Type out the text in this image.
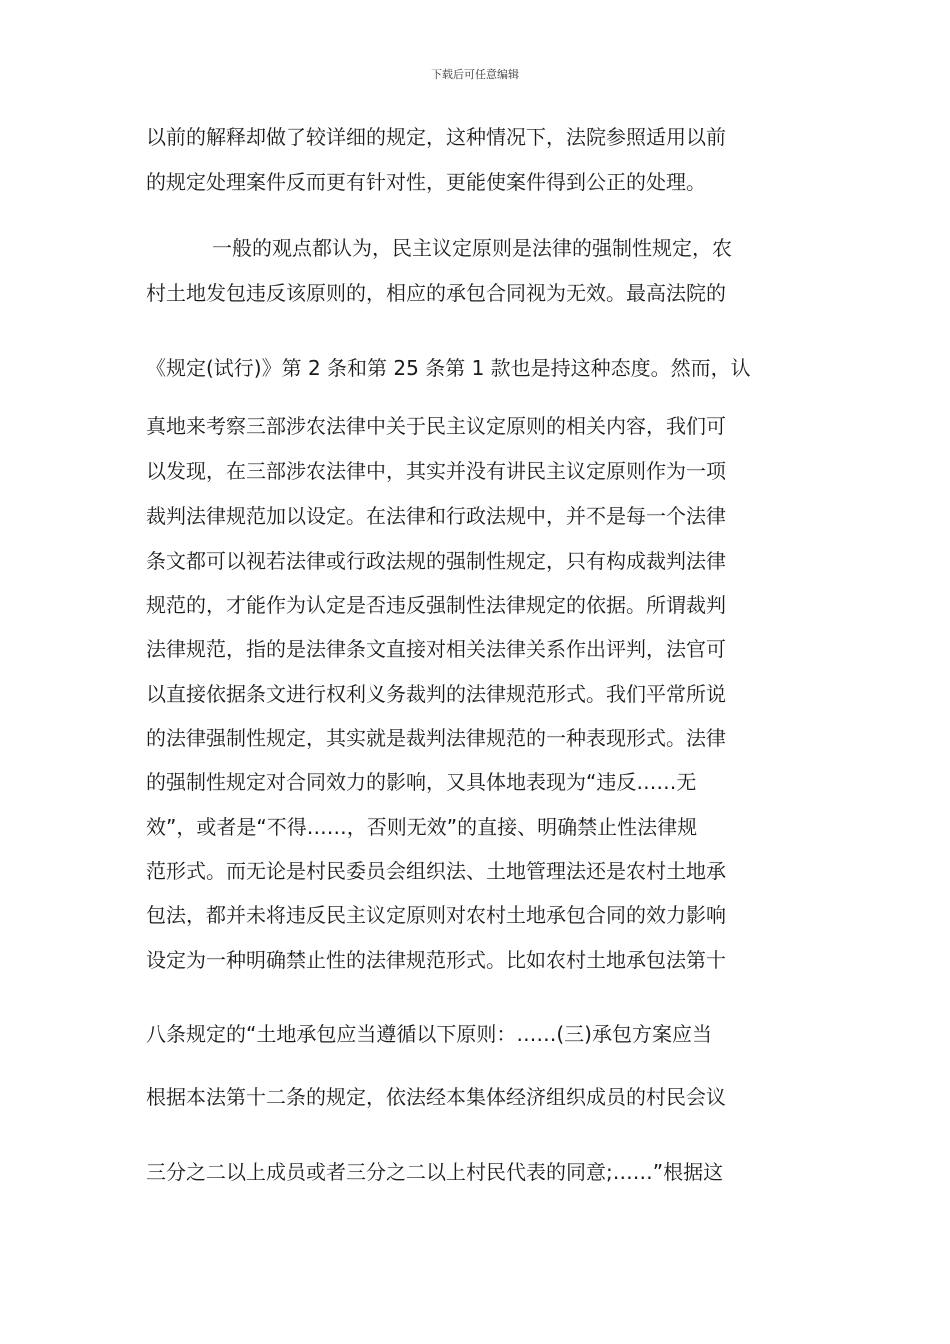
下载后可任意编辑
以前的解释却做了较详细的规定，这种情况下，法院参照适用以前
的规定处理案件反而更有针对性，更能使案件得到公正的处理。
一般的观点都认为，民主议定原则是法律的强制性规定，农
村土地发包违反该原则的，相应的承包合同视为无效。最高法院的
《规定(试行)》第 2 条和第 25 条第 1 款也是持这种态度。然而，认
真地来考察三部涉农法律中关于民主议定原则的相关内容，我们可
以发现，在三部涉农法律中，其实并没有讲民主议定原则作为一项
裁判法律规范加以设定。在法律和行政法规中，并不是每一个法律
条文都可以视若法律或行政法规的强制性规定，只有构成裁判法律
规范的，才能作为认定是否违反强制性法律规定的依据。所谓裁判
法律规范，指的是法律条文直接对相关法律关系作出评判，法官可
以直接依据条文进行权利义务裁判的法律规范形式。我们平常所说
的法律强制性规定，其实就是裁判法律规范的一种表现形式。法律
的强制性规定对合同效力的影响，又具体地表现为“违反……无
效”，或者是“不得……，否则无效”的直接、明确禁止性法律规
范形式。而无论是村民委员会组织法、土地管理法还是农村土地承
包法，都并未将违反民主议定原则对农村土地承包合同的效力影响
设定为一种明确禁止性的法律规范形式。比如农村土地承包法第十
八条规定的“土地承包应当遵循以下原则：……(三)承包方案应当
根据本法第十二条的规定，依法经本集体经济组织成员的村民会议
三分之二以上成员或者三分之二以上村民代表的同意;……”根据这
